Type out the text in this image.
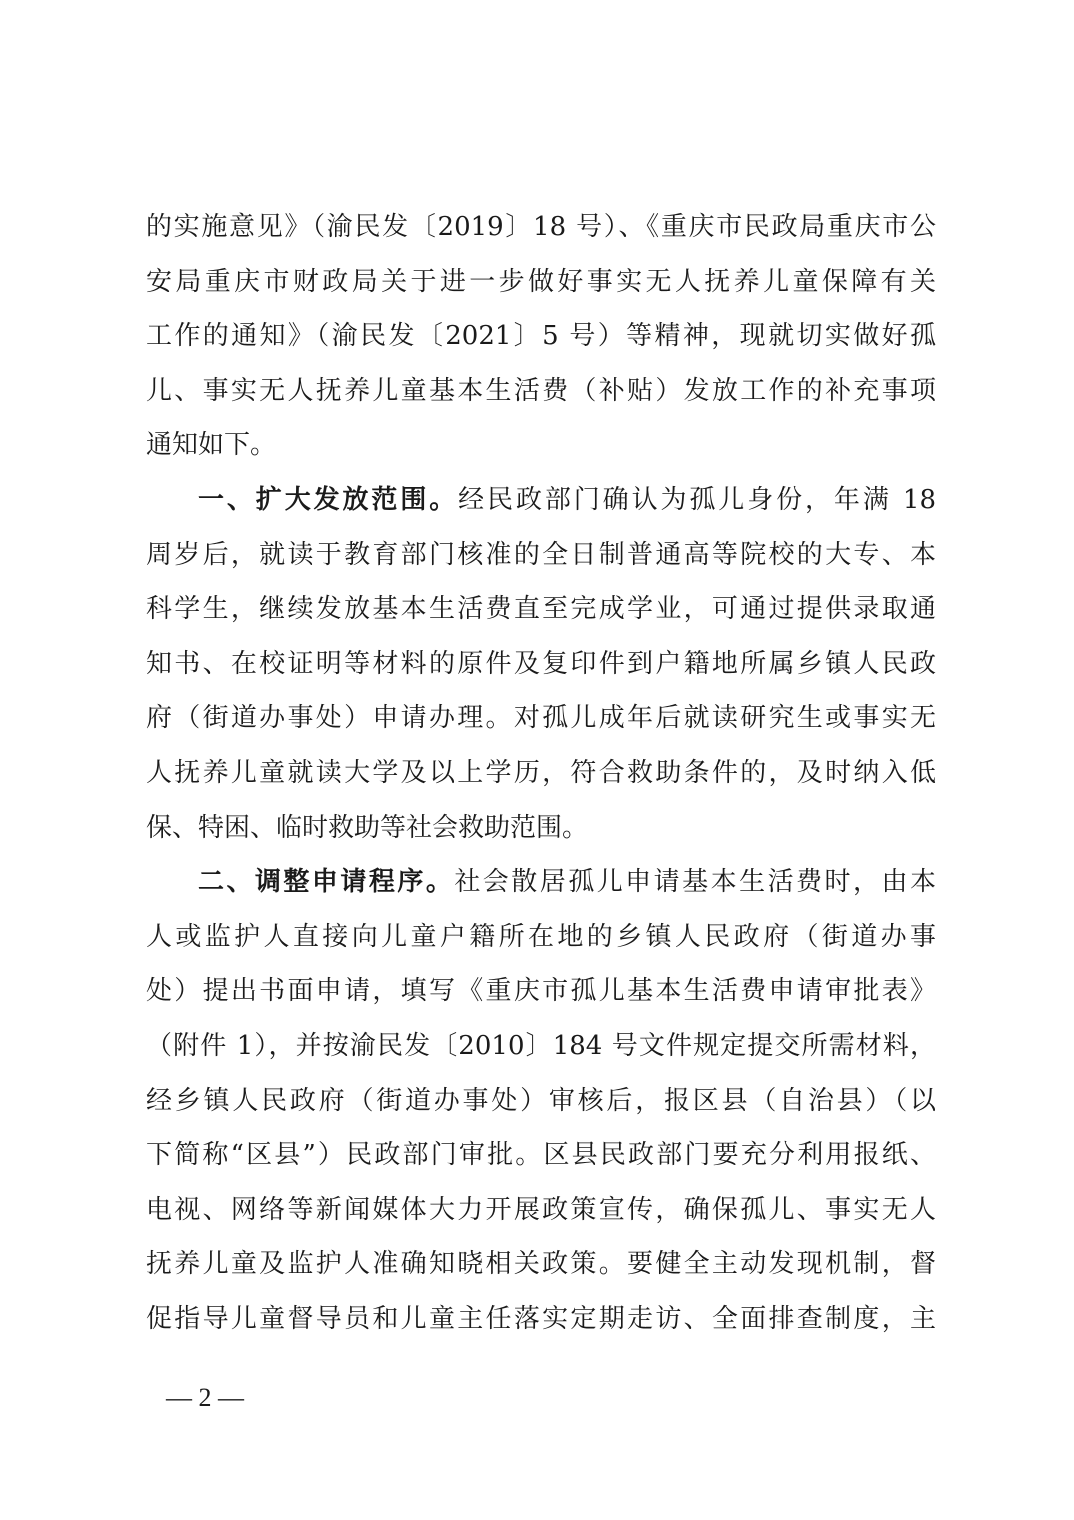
的实施意见》（渝民发〔2019〕18 号）、《重庆市民政局重庆市公
安局重庆市财政局关于进一步做好事实无人抚养儿童保障有关
工作的通知》（渝民发〔2021〕5 号）等精神，现就切实做好孤
儿、事实无人抚养儿童基本生活费（补贴）发放工作的补充事项
通知如下。
一、扩大发放范围。经民政部门确认为孤儿身份，年满 18
周岁后，就读于教育部门核准的全日制普通高等院校的大专、本
科学生，继续发放基本生活费直至完成学业，可通过提供录取通
知书、在校证明等材料的原件及复印件到户籍地所属乡镇人民政
府（街道办事处）申请办理。对孤儿成年后就读研究生或事实无
人抚养儿童就读大学及以上学历，符合救助条件的，及时纳入低
保、特困、临时救助等社会救助范围。
二、调整申请程序。社会散居孤儿申请基本生活费时，由本
人或监护人直接向儿童户籍所在地的乡镇人民政府（街道办事
处）提出书面申请，填写《重庆市孤儿基本生活费申请审批表》
（附件 1），并按渝民发〔2010〕184 号文件规定提交所需材料，
经乡镇人民政府（街道办事处）审核后，报区县（自治县）（以
下简称“区县”）民政部门审批。区县民政部门要充分利用报纸、
电视、网络等新闻媒体大力开展政策宣传，确保孤儿、事实无人
抚养儿童及监护人准确知晓相关政策。要健全主动发现机制，督
促指导儿童督导员和儿童主任落实定期走访、全面排查制度，主
— 2 —
